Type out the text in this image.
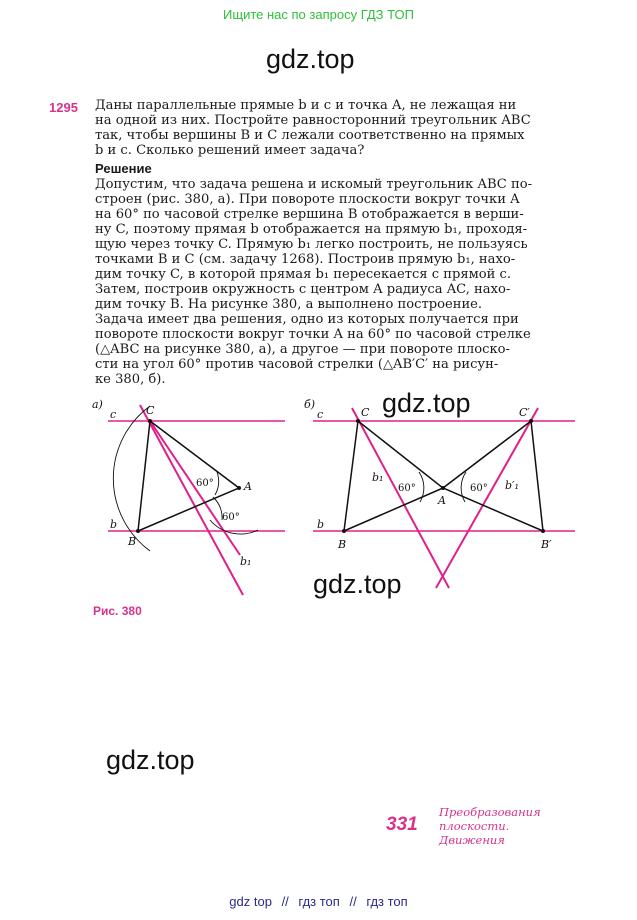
Ищите нас по запросу ГДЗ ТОП
gdz.top
gdz.top
gdz.top
gdz.top
1295 Даны параллельные прямые b и c и точка A, не лежащая ни

на одной из них. Постройте равносторонний треугольник ABC

так, чтобы вершины B и C лежали соответственно на прямых

b и c. Сколько решений имеет задача?

Решение

Допустим, что задача решена и искомый треугольник ABC по-

строен (рис. 380, а). При повороте плоскости вокруг точки A

на 60° по часовой стрелке вершина B отображается в верши-

ну C, поэтому прямая b отображается на прямую b₁, проходя-

щую через точку C. Прямую b₁ легко построить, не пользуясь

точками B и C (см. задачу 1268). Построив прямую b₁, нахо-

дим точку C, в которой прямая b₁ пересекается с прямой c.

Затем, построив окружность с центром A радиуса AC, нахо-

дим точку B. На рисунке 380, а выполнено построение.

Задача имеет два решения, одно из которых получается при

повороте плоскости вокруг точки A на 60° по часовой стрелке

(△ABC на рисунке 380, а), а другое — при повороте плоско-

сти на угол 60° против часовой стрелки (△AB′C′ на рисун-

ке 380, б).

а)
c
b
C
A
B
60°
60°
b₁
б)
c
b
C	C′
A
B	B′
60°	60°
b₁
b′₁
Рис. 380
331
Преобразования
плоскости.
Движения
gdz top // гдз топ // гдз топ
